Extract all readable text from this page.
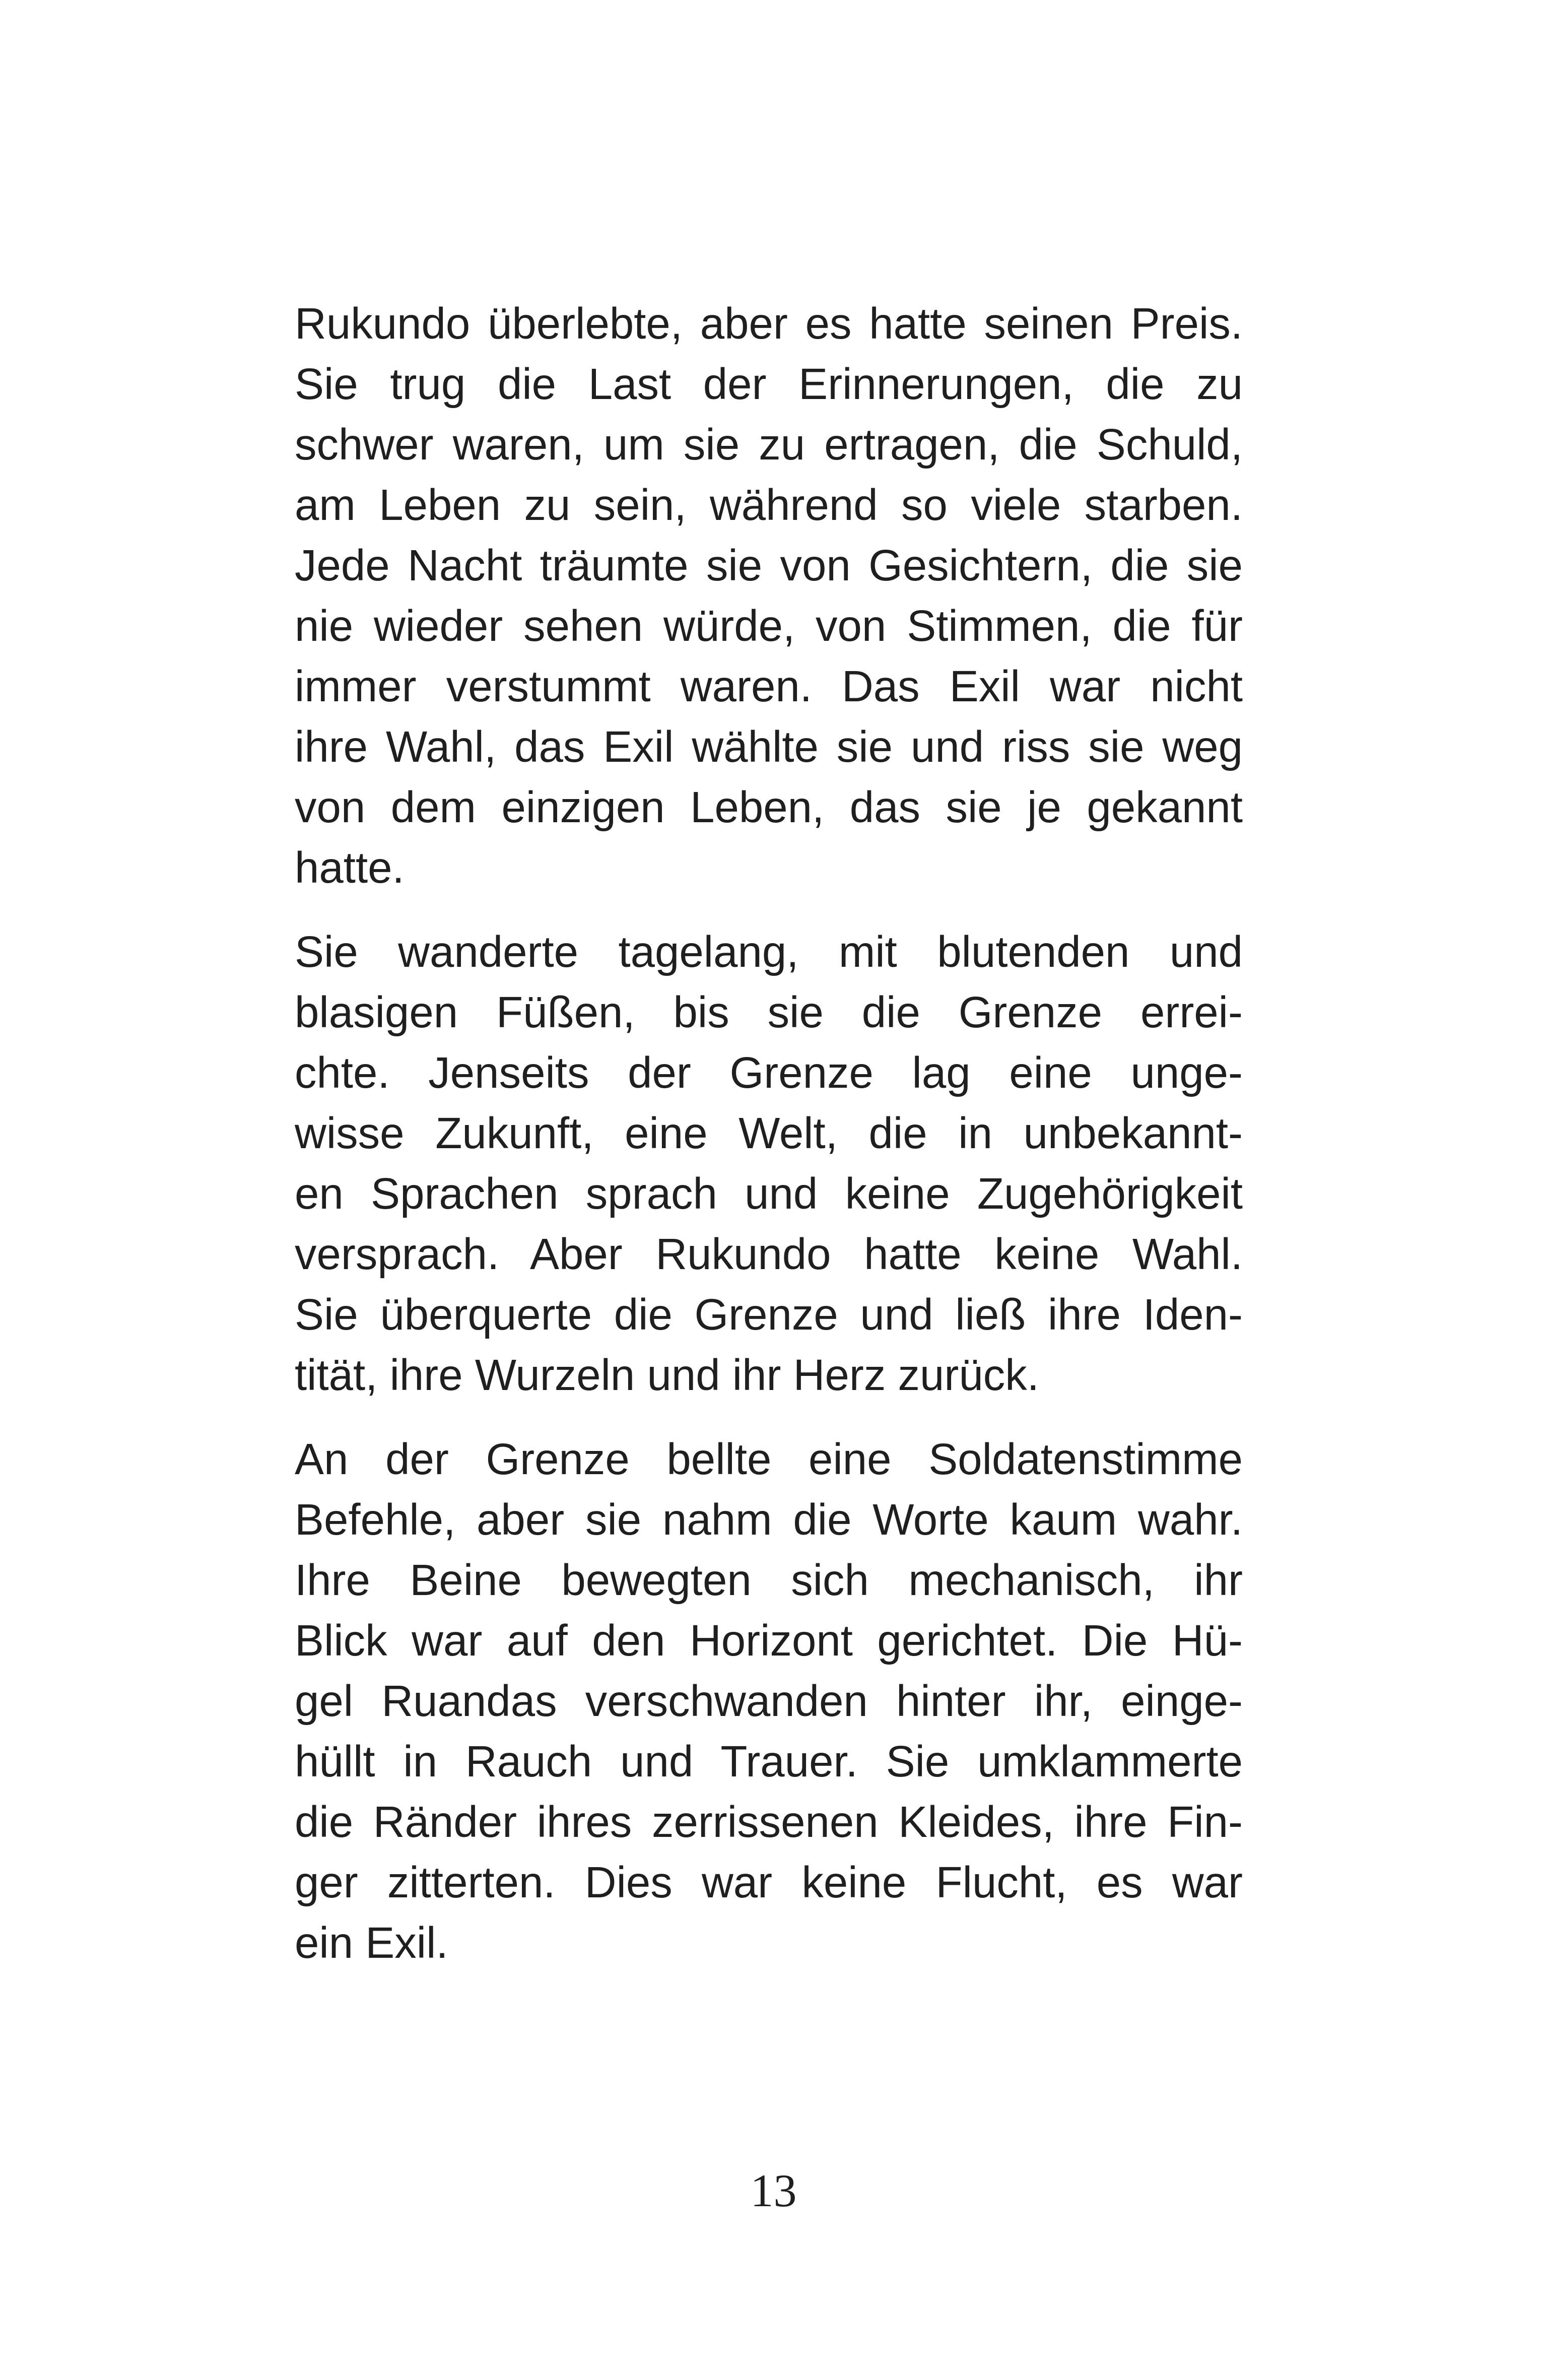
Rukundo überlebte, aber es hatte seinen Preis.
Sie trug die Last der Erinnerungen, die zu
schwer waren, um sie zu ertragen, die Schuld,
am Leben zu sein, während so viele starben.
Jede Nacht träumte sie von Gesichtern, die sie
nie wieder sehen würde, von Stimmen, die für
immer verstummt waren. Das Exil war nicht
ihre Wahl, das Exil wählte sie und riss sie weg
von dem einzigen Leben, das sie je gekannt
hatte.
Sie wanderte tagelang, mit blutenden und
blasigen Füßen, bis sie die Grenze errei-
chte. Jenseits der Grenze lag eine unge-
wisse Zukunft, eine Welt, die in unbekannt-
en Sprachen sprach und keine Zugehörigkeit
versprach. Aber Rukundo hatte keine Wahl.
Sie überquerte die Grenze und ließ ihre Iden-
tität, ihre Wurzeln und ihr Herz zurück.
An der Grenze bellte eine Soldatenstimme
Befehle, aber sie nahm die Worte kaum wahr.
Ihre Beine bewegten sich mechanisch, ihr
Blick war auf den Horizont gerichtet. Die Hü-
gel Ruandas verschwanden hinter ihr, einge-
hüllt in Rauch und Trauer. Sie umklammerte
die Ränder ihres zerrissenen Kleides, ihre Fin-
ger zitterten. Dies war keine Flucht, es war
ein Exil.
13
